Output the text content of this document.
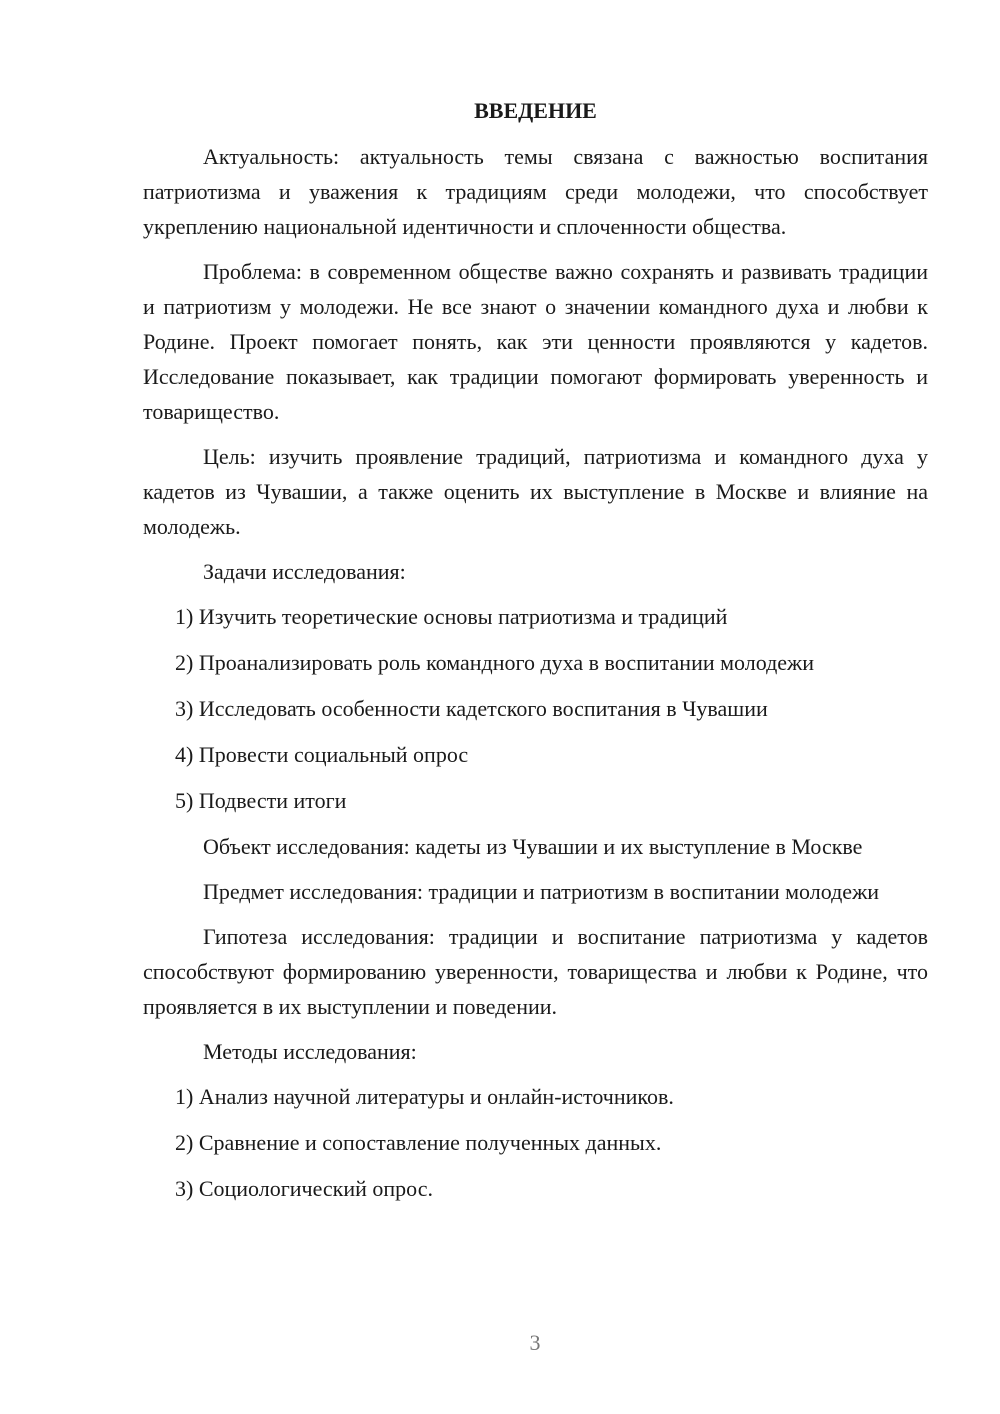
ВВЕДЕНИЕ

Актуальность: актуальность темы связана с важностью воспитания патриотизма и уважения к традициям среди молодежи, что способствует укреплению национальной идентичности и сплоченности общества.

Проблема: в современном обществе важно сохранять и развивать традиции и патриотизм у молодежи. Не все знают о значении командного духа и любви к Родине. Проект помогает понять, как эти ценности проявляются у кадетов. Исследование показывает, как традиции помогают формировать уверенность и товарищество.

Цель: изучить проявление традиций, патриотизма и командного духа у кадетов из Чувашии, а также оценить их выступление в Москве и влияние на молодежь.

Задачи исследования:

1) Изучить теоретические основы патриотизма и традиций
2) Проанализировать роль командного духа в воспитании молодежи
3) Исследовать особенности кадетского воспитания в Чувашии
4) Провести социальный опрос
5) Подвести итоги

Объект исследования: кадеты из Чувашии и их выступление в Москве

Предмет исследования: традиции и патриотизм в воспитании молодежи

Гипотеза исследования: традиции и воспитание патриотизма у кадетов способствуют формированию уверенности, товарищества и любви к Родине, что проявляется в их выступлении и поведении.

Методы исследования:

1) Анализ научной литературы и онлайн-источников.
2) Сравнение и сопоставление полученных данных.
3) Социологический опрос.
3
